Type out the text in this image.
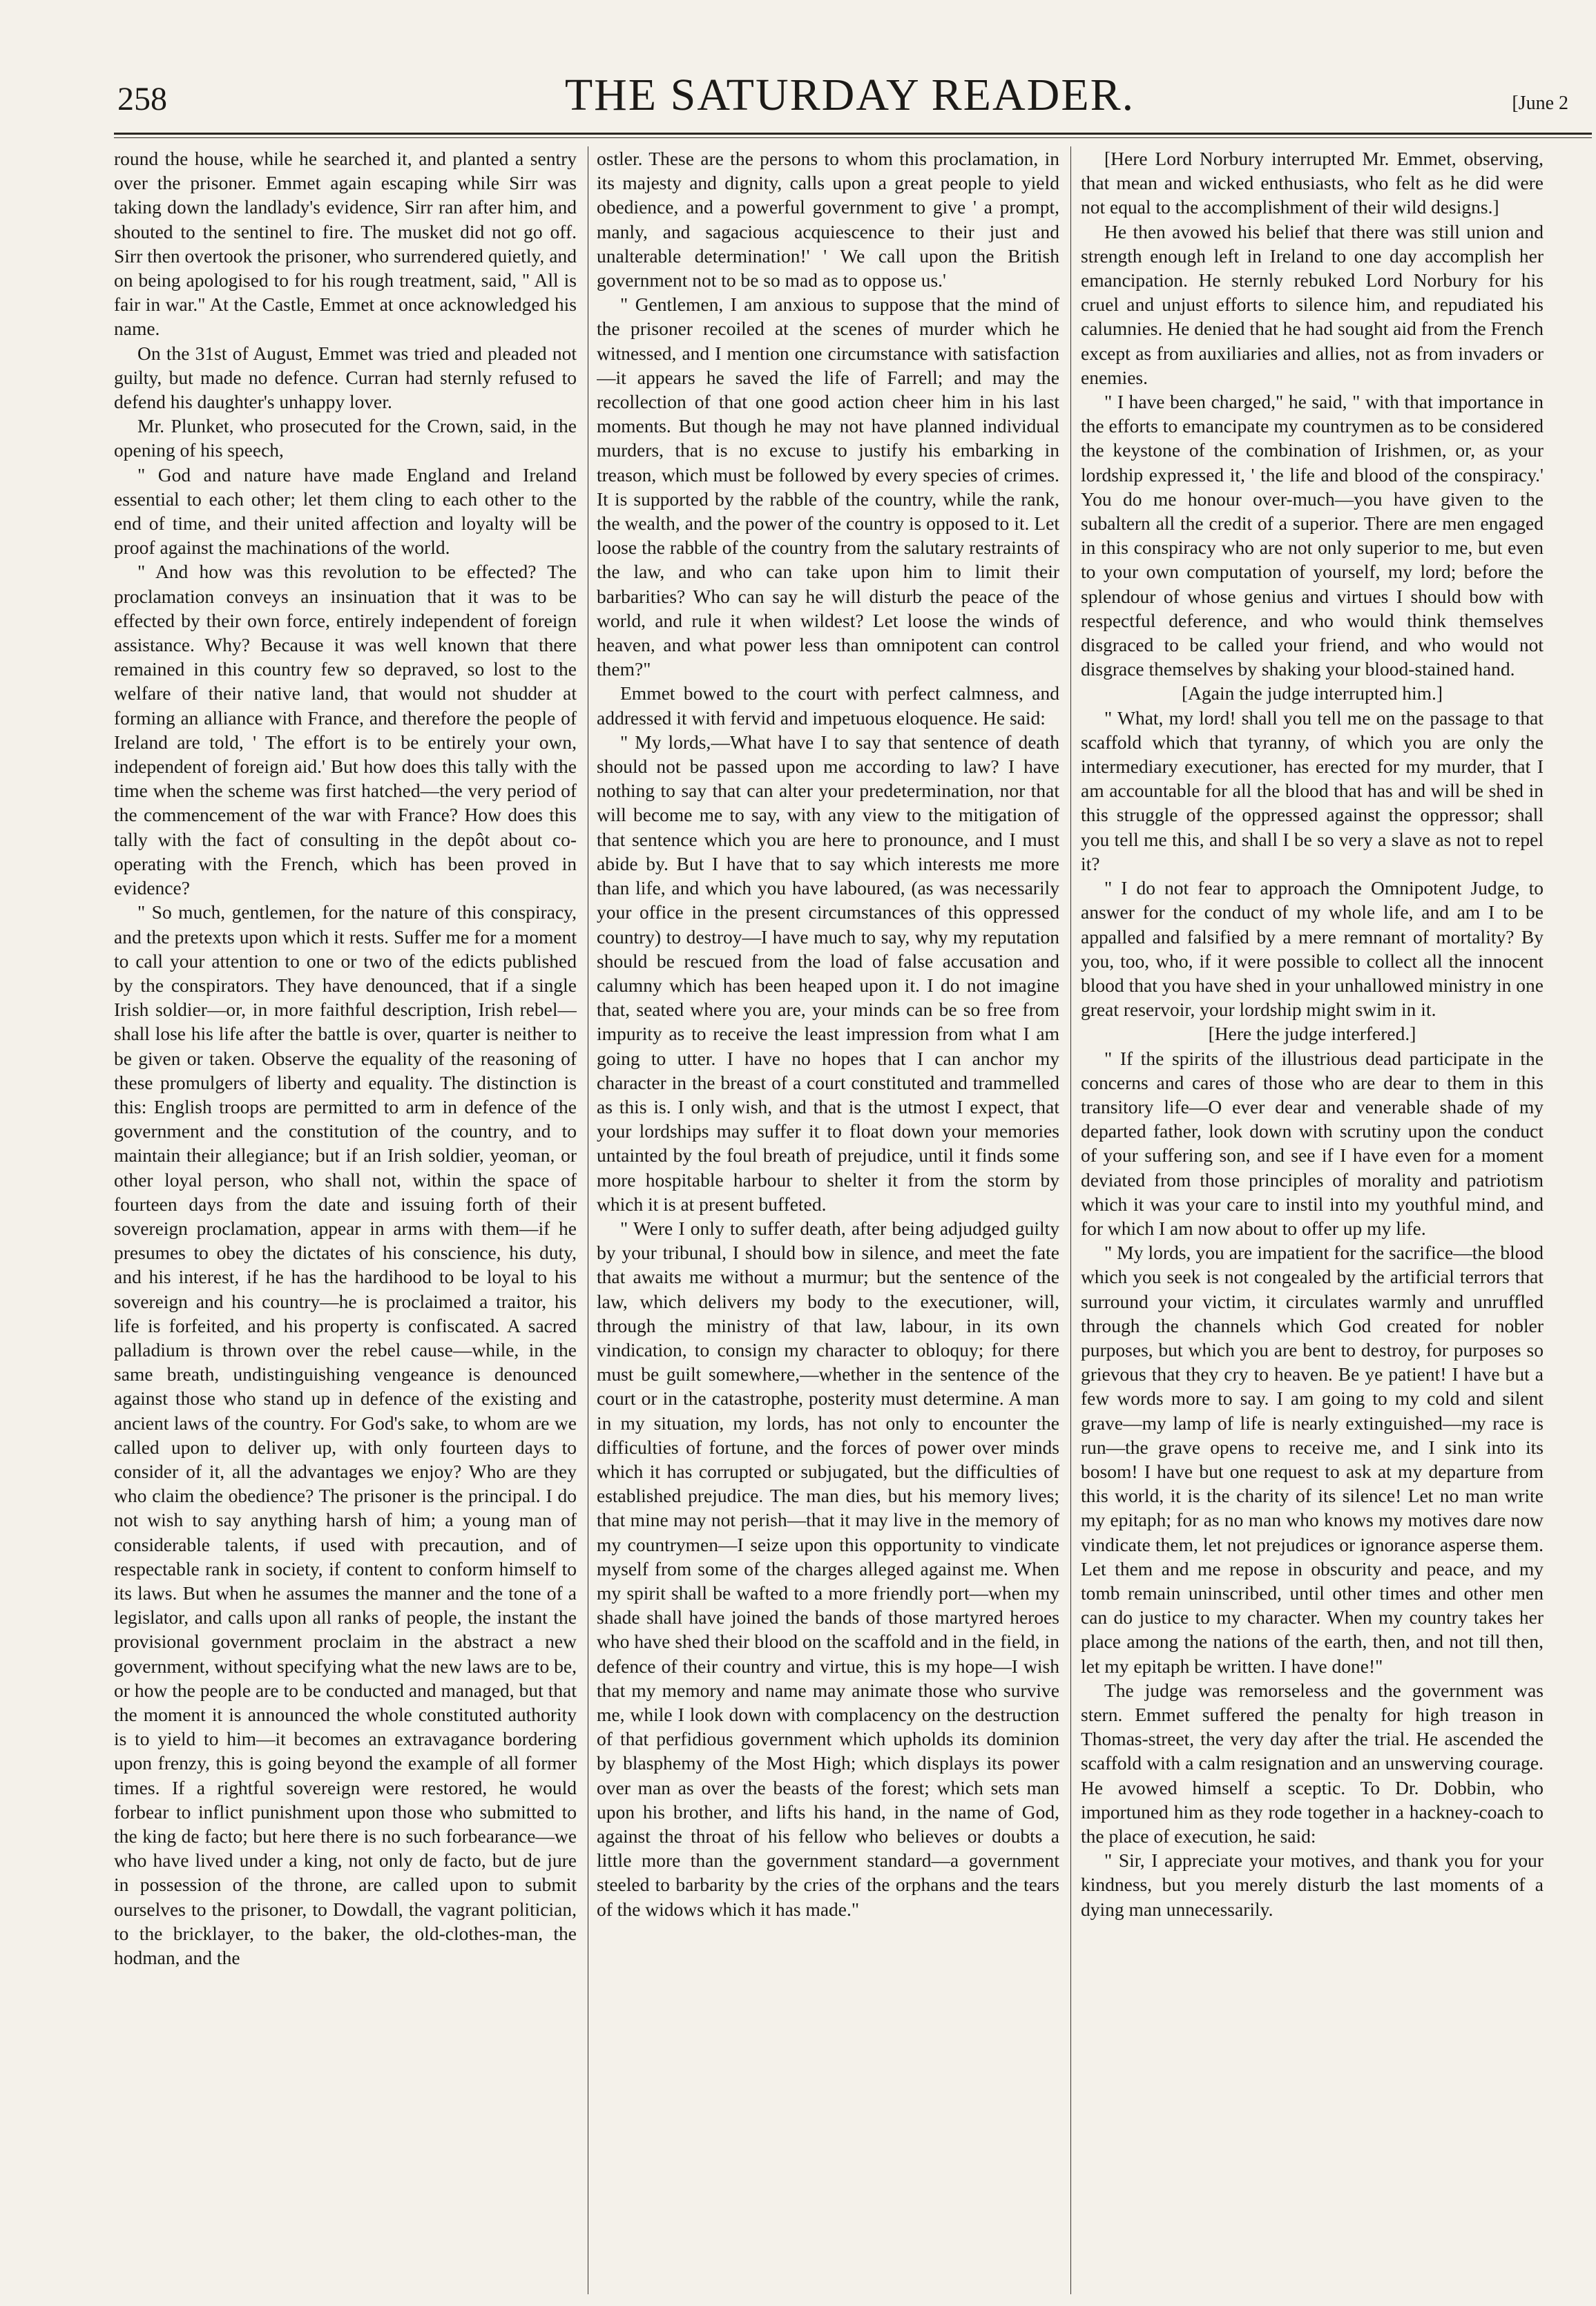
258	THE SATURDAY READER.	[June 2

round the house, while he searched it, and planted a sentry over the prisoner. Emmet again escaping while Sirr was taking down the landlady's evidence, Sirr ran after him, and shouted to the sentinel to fire. The musket did not go off. Sirr then overtook the prisoner, who surrendered quietly, and on being apologised to for his rough treatment, said, " All is fair in war." At the Castle, Emmet at once acknowledged his name.

On the 31st of August, Emmet was tried and pleaded not guilty, but made no defence. Curran had sternly refused to defend his daughter's unhappy lover.

Mr. Plunket, who prosecuted for the Crown, said, in the opening of his speech,

" God and nature have made England and Ireland essential to each other; let them cling to each other to the end of time, and their united affection and loyalty will be proof against the machinations of the world.

" And how was this revolution to be effected? The proclamation conveys an insinuation that it was to be effected by their own force, entirely independent of foreign assistance. Why? Because it was well known that there remained in this country few so depraved, so lost to the welfare of their native land, that would not shudder at forming an alliance with France, and therefore the people of Ireland are told, ' The effort is to be entirely your own, independent of foreign aid.' But how does this tally with the time when the scheme was first hatched—the very period of the commencement of the war with France? How does this tally with the fact of consulting in the depôt about co-operating with the French, which has been proved in evidence?

" So much, gentlemen, for the nature of this conspiracy, and the pretexts upon which it rests. Suffer me for a moment to call your attention to one or two of the edicts published by the conspirators. They have denounced, that if a single Irish soldier—or, in more faithful description, Irish rebel—shall lose his life after the battle is over, quarter is neither to be given or taken. Observe the equality of the reasoning of these promulgers of liberty and equality. The distinction is this: English troops are permitted to arm in defence of the government and the constitution of the country, and to maintain their allegiance; but if an Irish soldier, yeoman, or other loyal person, who shall not, within the space of fourteen days from the date and issuing forth of their sovereign proclamation, appear in arms with them—if he presumes to obey the dictates of his conscience, his duty, and his interest, if he has the hardihood to be loyal to his sovereign and his country—he is proclaimed a traitor, his life is forfeited, and his property is confiscated. A sacred palladium is thrown over the rebel cause—while, in the same breath, undistinguishing vengeance is denounced against those who stand up in defence of the existing and ancient laws of the country. For God's sake, to whom are we called upon to deliver up, with only fourteen days to consider of it, all the advantages we enjoy? Who are they who claim the obedience? The prisoner is the principal. I do not wish to say anything harsh of him; a young man of considerable talents, if used with precaution, and of respectable rank in society, if content to conform himself to its laws. But when he assumes the manner and the tone of a legislator, and calls upon all ranks of people, the instant the provisional government proclaim in the abstract a new government, without specifying what the new laws are to be, or how the people are to be conducted and managed, but that the moment it is announced the whole constituted authority is to yield to him—it becomes an extravagance bordering upon frenzy, this is going beyond the example of all former times. If a rightful sovereign were restored, he would forbear to inflict punishment upon those who submitted to the king de facto; but here there is no such forbearance—we who have lived under a king, not only de facto, but de jure in possession of the throne, are called upon to submit ourselves to the prisoner, to Dowdall, the vagrant politician, to the bricklayer, to the baker, the old-clothes-man, the hodman, and the

ostler. These are the persons to whom this proclamation, in its majesty and dignity, calls upon a great people to yield obedience, and a powerful government to give ' a prompt, manly, and sagacious acquiescence to their just and unalterable determination!' ' We call upon the British government not to be so mad as to oppose us.'

" Gentlemen, I am anxious to suppose that the mind of the prisoner recoiled at the scenes of murder which he witnessed, and I mention one circumstance with satisfaction—it appears he saved the life of Farrell; and may the recollection of that one good action cheer him in his last moments. But though he may not have planned individual murders, that is no excuse to justify his embarking in treason, which must be followed by every species of crimes. It is supported by the rabble of the country, while the rank, the wealth, and the power of the country is opposed to it. Let loose the rabble of the country from the salutary restraints of the law, and who can take upon him to limit their barbarities? Who can say he will disturb the peace of the world, and rule it when wildest? Let loose the winds of heaven, and what power less than omnipotent can control them?"

Emmet bowed to the court with perfect calmness, and addressed it with fervid and impetuous eloquence. He said:

" My lords,—What have I to say that sentence of death should not be passed upon me according to law? I have nothing to say that can alter your predetermination, nor that will become me to say, with any view to the mitigation of that sentence which you are here to pronounce, and I must abide by. But I have that to say which interests me more than life, and which you have laboured, (as was necessarily your office in the present circumstances of this oppressed country) to destroy—I have much to say, why my reputation should be rescued from the load of false accusation and calumny which has been heaped upon it. I do not imagine that, seated where you are, your minds can be so free from impurity as to receive the least impression from what I am going to utter. I have no hopes that I can anchor my character in the breast of a court constituted and trammelled as this is. I only wish, and that is the utmost I expect, that your lordships may suffer it to float down your memories untainted by the foul breath of prejudice, until it finds some more hospitable harbour to shelter it from the storm by which it is at present buffeted.

" Were I only to suffer death, after being adjudged guilty by your tribunal, I should bow in silence, and meet the fate that awaits me without a murmur; but the sentence of the law, which delivers my body to the executioner, will, through the ministry of that law, labour, in its own vindication, to consign my character to obloquy; for there must be guilt somewhere,—whether in the sentence of the court or in the catastrophe, posterity must determine. A man in my situation, my lords, has not only to encounter the difficulties of fortune, and the forces of power over minds which it has corrupted or subjugated, but the difficulties of established prejudice. The man dies, but his memory lives; that mine may not perish—that it may live in the memory of my countrymen—I seize upon this opportunity to vindicate myself from some of the charges alleged against me. When my spirit shall be wafted to a more friendly port—when my shade shall have joined the bands of those martyred heroes who have shed their blood on the scaffold and in the field, in defence of their country and virtue, this is my hope—I wish that my memory and name may animate those who survive me, while I look down with complacency on the destruction of that perfidious government which upholds its dominion by blasphemy of the Most High; which displays its power over man as over the beasts of the forest; which sets man upon his brother, and lifts his hand, in the name of God, against the throat of his fellow who believes or doubts a little more than the government standard—a government steeled to barbarity by the cries of the orphans and the tears of the widows which it has made."

[Here Lord Norbury interrupted Mr. Emmet, observing, that mean and wicked enthusiasts, who felt as he did were not equal to the accomplishment of their wild designs.]

He then avowed his belief that there was still union and strength enough left in Ireland to one day accomplish her emancipation. He sternly rebuked Lord Norbury for his cruel and unjust efforts to silence him, and repudiated his calumnies. He denied that he had sought aid from the French except as from auxiliaries and allies, not as from invaders or enemies.

" I have been charged," he said, " with that importance in the efforts to emancipate my countrymen as to be considered the keystone of the combination of Irishmen, or, as your lordship expressed it, ' the life and blood of the conspiracy.' You do me honour over-much—you have given to the subaltern all the credit of a superior. There are men engaged in this conspiracy who are not only superior to me, but even to your own computation of yourself, my lord; before the splendour of whose genius and virtues I should bow with respectful deference, and who would think themselves disgraced to be called your friend, and who would not disgrace themselves by shaking your blood-stained hand.

[Again the judge interrupted him.]

" What, my lord! shall you tell me on the passage to that scaffold which that tyranny, of which you are only the intermediary executioner, has erected for my murder, that I am accountable for all the blood that has and will be shed in this struggle of the oppressed against the oppressor; shall you tell me this, and shall I be so very a slave as not to repel it?

" I do not fear to approach the Omnipotent Judge, to answer for the conduct of my whole life, and am I to be appalled and falsified by a mere remnant of mortality? By you, too, who, if it were possible to collect all the innocent blood that you have shed in your unhallowed ministry in one great reservoir, your lordship might swim in it.

[Here the judge interfered.]

" If the spirits of the illustrious dead participate in the concerns and cares of those who are dear to them in this transitory life—O ever dear and venerable shade of my departed father, look down with scrutiny upon the conduct of your suffering son, and see if I have even for a moment deviated from those principles of morality and patriotism which it was your care to instil into my youthful mind, and for which I am now about to offer up my life.

" My lords, you are impatient for the sacrifice—the blood which you seek is not congealed by the artificial terrors that surround your victim, it circulates warmly and unruffled through the channels which God created for nobler purposes, but which you are bent to destroy, for purposes so grievous that they cry to heaven. Be ye patient! I have but a few words more to say. I am going to my cold and silent grave—my lamp of life is nearly extinguished—my race is run—the grave opens to receive me, and I sink into its bosom! I have but one request to ask at my departure from this world, it is the charity of its silence! Let no man write my epitaph; for as no man who knows my motives dare now vindicate them, let not prejudices or ignorance asperse them. Let them and me repose in obscurity and peace, and my tomb remain uninscribed, until other times and other men can do justice to my character. When my country takes her place among the nations of the earth, then, and not till then, let my epitaph be written. I have done!"

The judge was remorseless and the government was stern. Emmet suffered the penalty for high treason in Thomas-street, the very day after the trial. He ascended the scaffold with a calm resignation and an unswerving courage. He avowed himself a sceptic. To Dr. Dobbin, who importuned him as they rode together in a hackney-coach to the place of execution, he said:

" Sir, I appreciate your motives, and thank you for your kindness, but you merely disturb the last moments of a dying man unnecessarily.
